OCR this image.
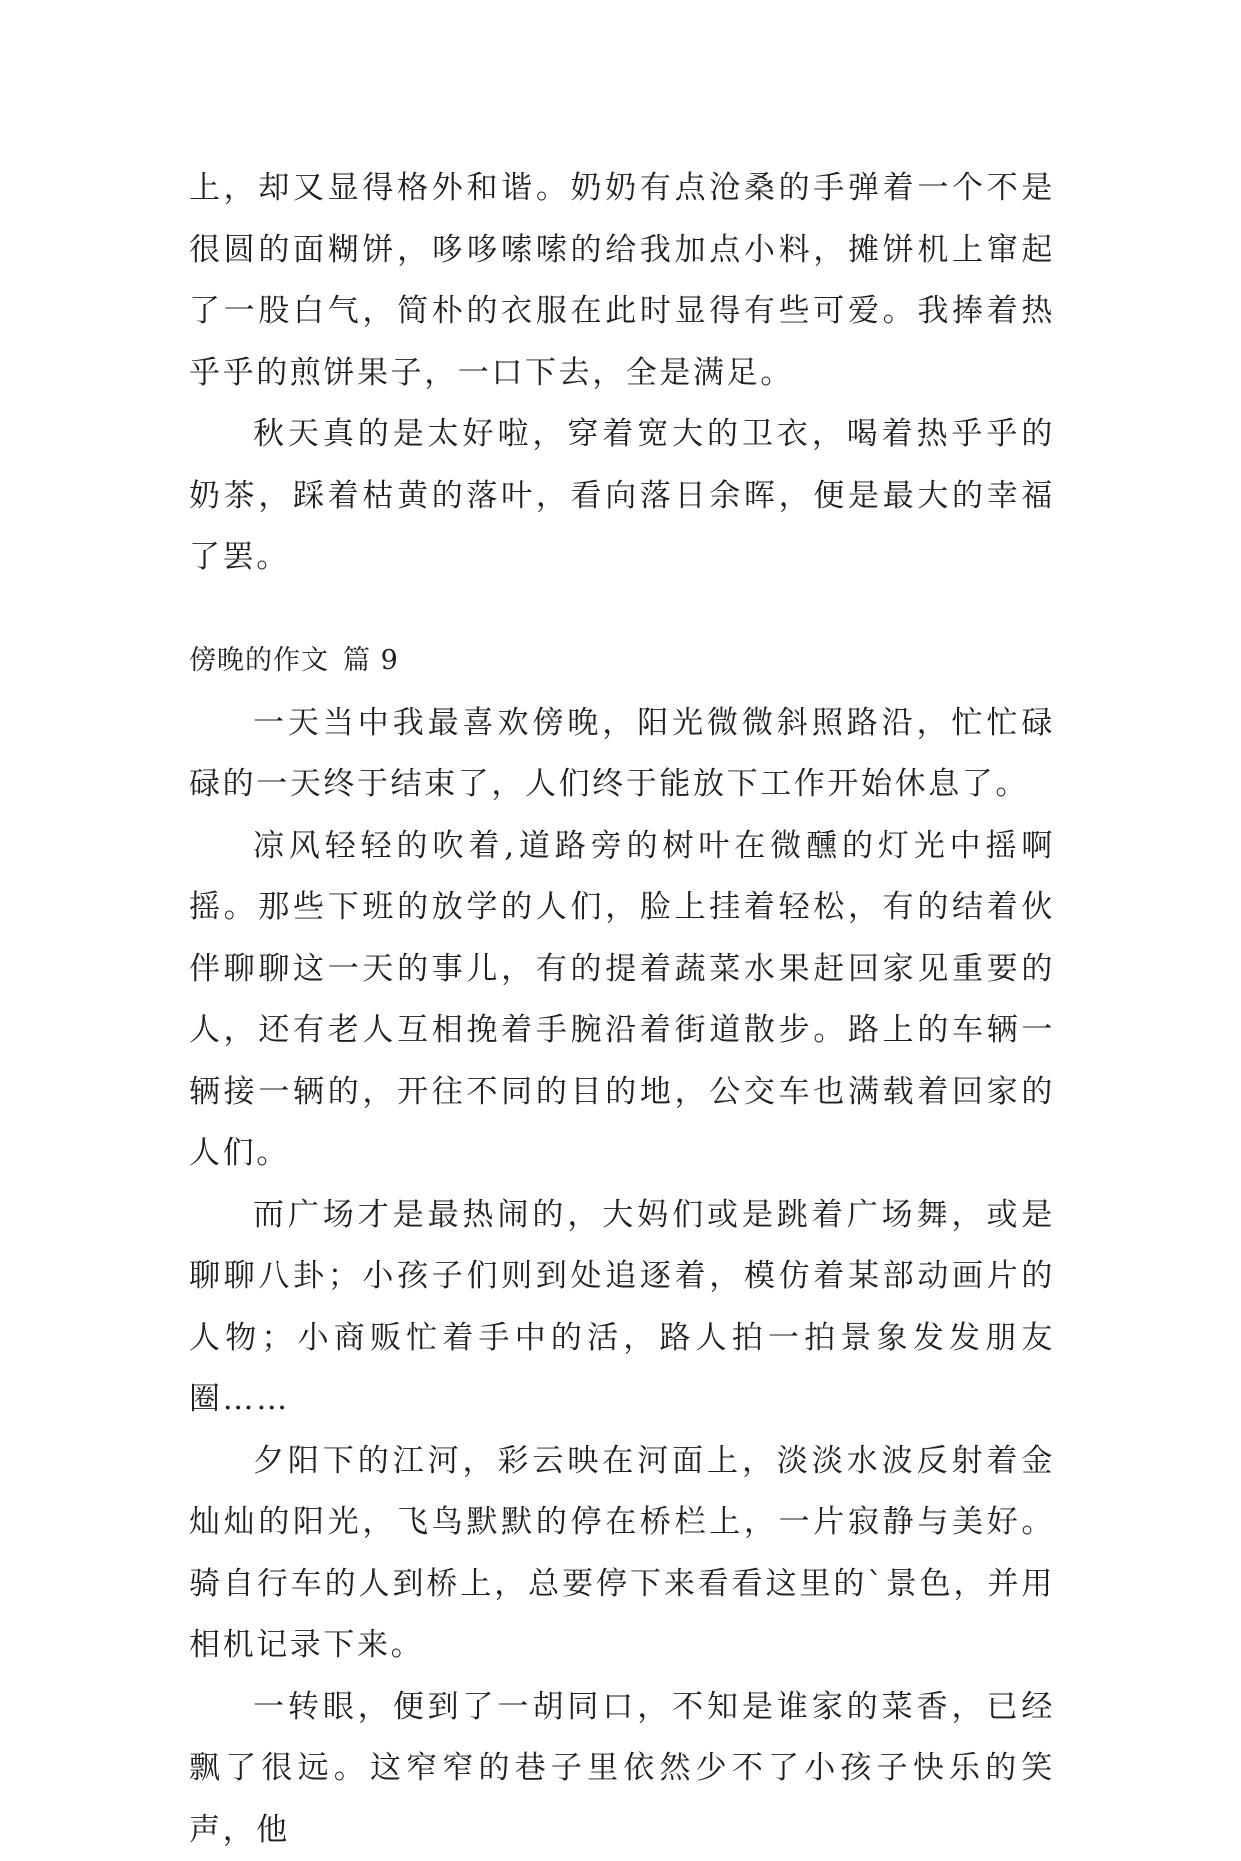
上，却又显得格外和谐。奶奶有点沧桑的手弹着一个不是很圆的面糊饼，哆哆嗦嗦的给我加点小料，摊饼机上窜起了一股白气，简朴的衣服在此时显得有些可爱。我捧着热乎乎的煎饼果子，一口下去，全是满足。

秋天真的是太好啦，穿着宽大的卫衣，喝着热乎乎的奶茶，踩着枯黄的落叶，看向落日余晖，便是最大的幸福了罢。

傍晚的作文 篇 9

一天当中我最喜欢傍晚，阳光微微斜照路沿，忙忙碌碌的一天终于结束了，人们终于能放下工作开始休息了。

凉风轻轻的吹着,道路旁的树叶在微醺的灯光中摇啊摇。那些下班的放学的人们，脸上挂着轻松，有的结着伙伴聊聊这一天的事儿，有的提着蔬菜水果赶回家见重要的人，还有老人互相挽着手腕沿着街道散步。路上的车辆一辆接一辆的，开往不同的目的地，公交车也满载着回家的人们。

而广场才是最热闹的，大妈们或是跳着广场舞，或是聊聊八卦；小孩子们则到处追逐着，模仿着某部动画片的人物；小商贩忙着手中的活，路人拍一拍景象发发朋友圈……

夕阳下的江河，彩云映在河面上，淡淡水波反射着金灿灿的阳光，飞鸟默默的停在桥栏上，一片寂静与美好。骑自行车的人到桥上，总要停下来看看这里的`景色，并用相机记录下来。

一转眼，便到了一胡同口，不知是谁家的菜香，已经飘了很远。这窄窄的巷子里依然少不了小孩子快乐的笑声，他
